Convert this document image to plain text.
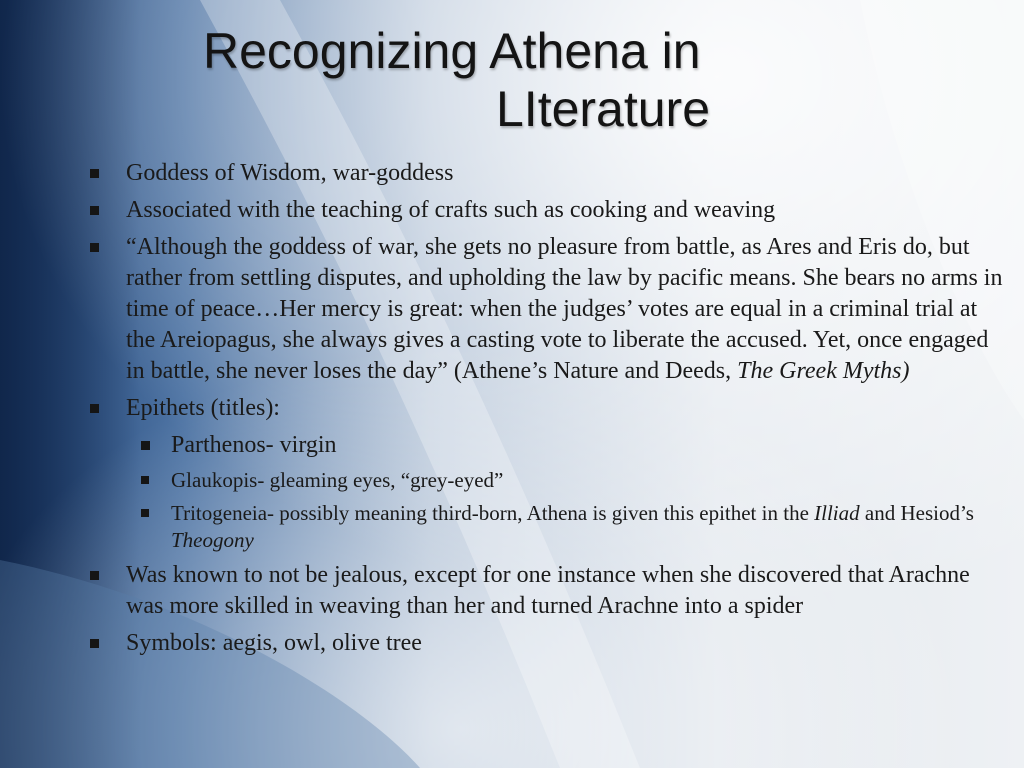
Recognizing Athena in
LIterature
Goddess of Wisdom, war-goddess
Associated with the teaching of crafts such as cooking and weaving
“Although the goddess of war, she gets no pleasure from battle, as Ares and Eris do, but rather from settling disputes, and upholding the law by pacific means. She bears no arms in time of peace…Her mercy is great: when the judges’ votes are equal in a criminal trial at the Areiopagus, she always gives a casting vote to liberate the accused. Yet, once engaged in battle, she never loses the day” (Athene’s Nature and Deeds, The Greek Myths)
Epithets (titles):
Parthenos- virgin
Glaukopis- gleaming eyes, “grey-eyed”
Tritogeneia- possibly meaning third-born, Athena is given this epithet in the Illiad and Hesiod’s Theogony
Was known to not be jealous, except for one instance when she discovered that Arachne was more skilled in weaving than her and turned Arachne into a spider
Symbols: aegis, owl, olive tree
